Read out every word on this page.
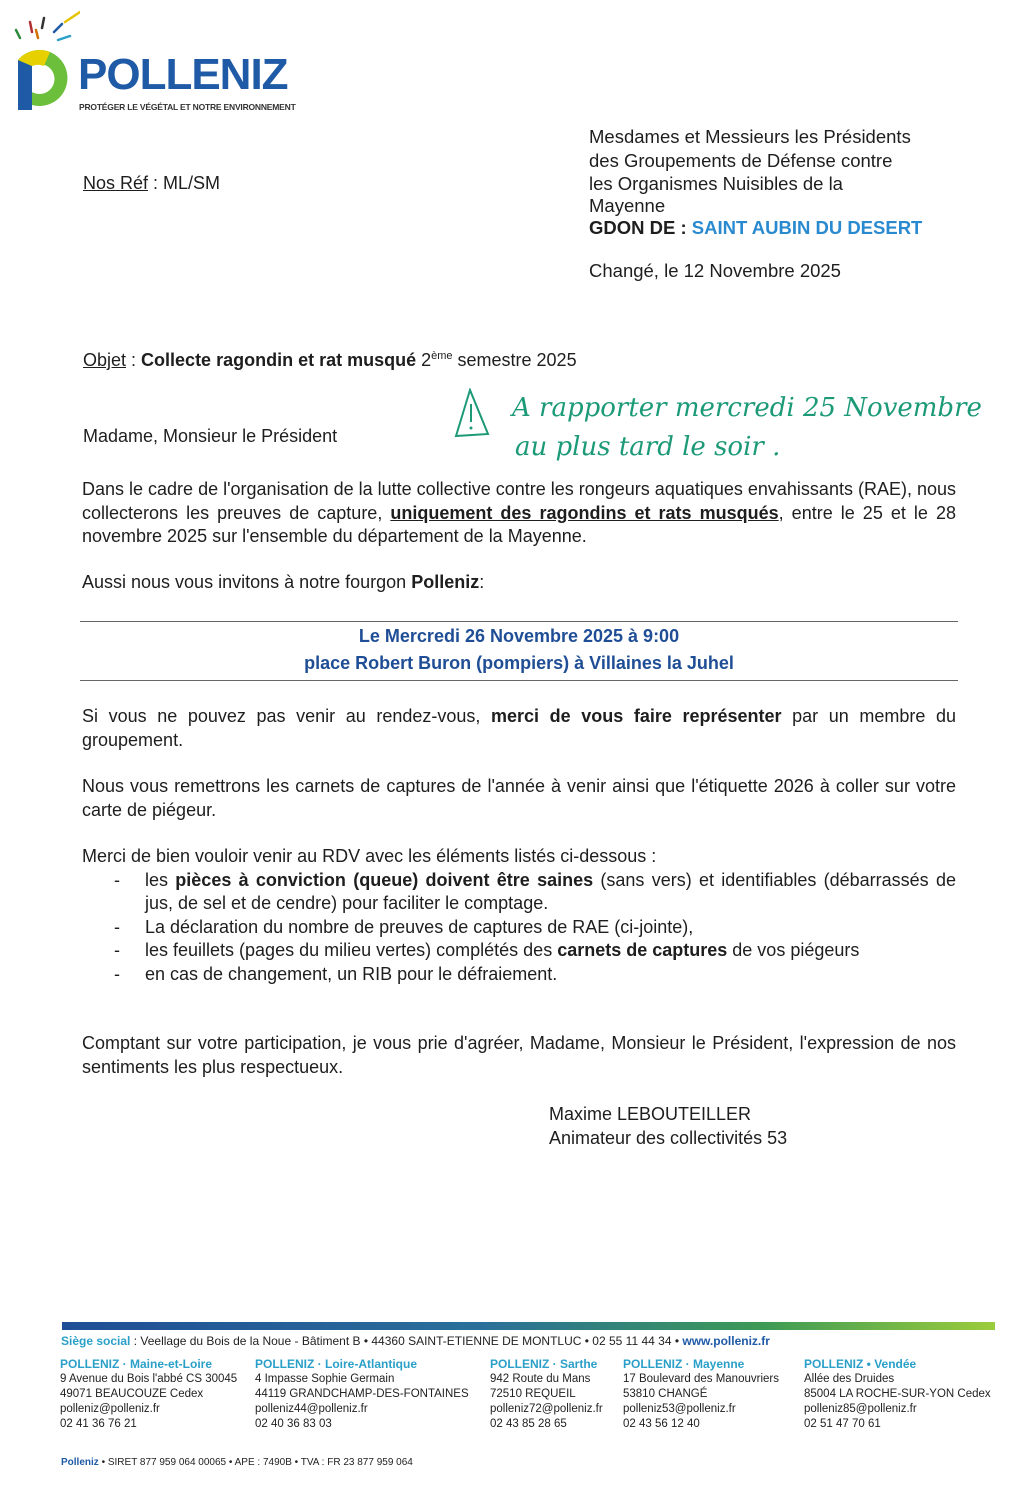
POLLENIZ
PROTÉGER LE VÉGÉTAL ET NOTRE ENVIRONNEMENT
Mesdames et Messieurs les Présidents
des Groupements de Défense contre
les Organismes Nuisibles de la
Mayenne
GDON DE : SAINT AUBIN DU DESERT
Nos Réf : ML/SM
Changé, le 12 Novembre 2025
Objet : Collecte ragondin et rat musqué 2ème semestre 2025
A rapporter mercredi 25 Novembre
au plus tard le soir .
Madame, Monsieur le Président
Dans le cadre de l'organisation de la lutte collective contre les rongeurs aquatiques envahissants (RAE), nous collecterons les preuves de capture, uniquement des ragondins et rats musqués, entre le 25 et le 28 novembre 2025 sur l'ensemble du département de la Mayenne.
Aussi nous vous invitons à notre fourgon Polleniz:
Le Mercredi 26 Novembre 2025 à 9:00
place Robert Buron (pompiers) à Villaines la Juhel
Si vous ne pouvez pas venir au rendez-vous, merci de vous faire représenter par un membre du groupement.
Nous vous remettrons les carnets de captures de l'année à venir ainsi que l'étiquette 2026 à coller sur votre carte de piégeur.
Merci de bien vouloir venir au RDV avec les éléments listés ci-dessous :
- les pièces à conviction (queue) doivent être saines (sans vers) et identifiables (débarrassés de jus, de sel et de cendre) pour faciliter le comptage.
- La déclaration du nombre de preuves de captures de RAE (ci-jointe),
- les feuillets (pages du milieu vertes) complétés des carnets de captures de vos piégeurs
- en cas de changement, un RIB pour le défraiement.
Comptant sur votre participation, je vous prie d'agréer, Madame, Monsieur le Président, l'expression de nos sentiments les plus respectueux.
Maxime LEBOUTEILLER
Animateur des collectivités 53
Siège social : Veellage du Bois de la Noue - Bâtiment B • 44360 SAINT-ETIENNE DE MONTLUC • 02 55 11 44 34 • www.polleniz.fr
POLLENIZ · Maine-et-Loire
9 Avenue du Bois l'abbé CS 30045
49071 BEAUCOUZE Cedex
polleniz@polleniz.fr
02 41 36 76 21
POLLENIZ · Loire-Atlantique
4 Impasse Sophie Germain
44119 GRANDCHAMP-DES-FONTAINES
polleniz44@polleniz.fr
02 40 36 83 03
POLLENIZ · Sarthe
942 Route du Mans
72510 REQUEIL
polleniz72@polleniz.fr
02 43 85 28 65
POLLENIZ · Mayenne
17 Boulevard des Manouvriers
53810 CHANGÉ
polleniz53@polleniz.fr
02 43 56 12 40
POLLENIZ • Vendée
Allée des Druides
85004 LA ROCHE-SUR-YON Cedex
polleniz85@polleniz.fr
02 51 47 70 61
Polleniz • SIRET 877 959 064 00065 • APE : 7490B • TVA : FR 23 877 959 064
